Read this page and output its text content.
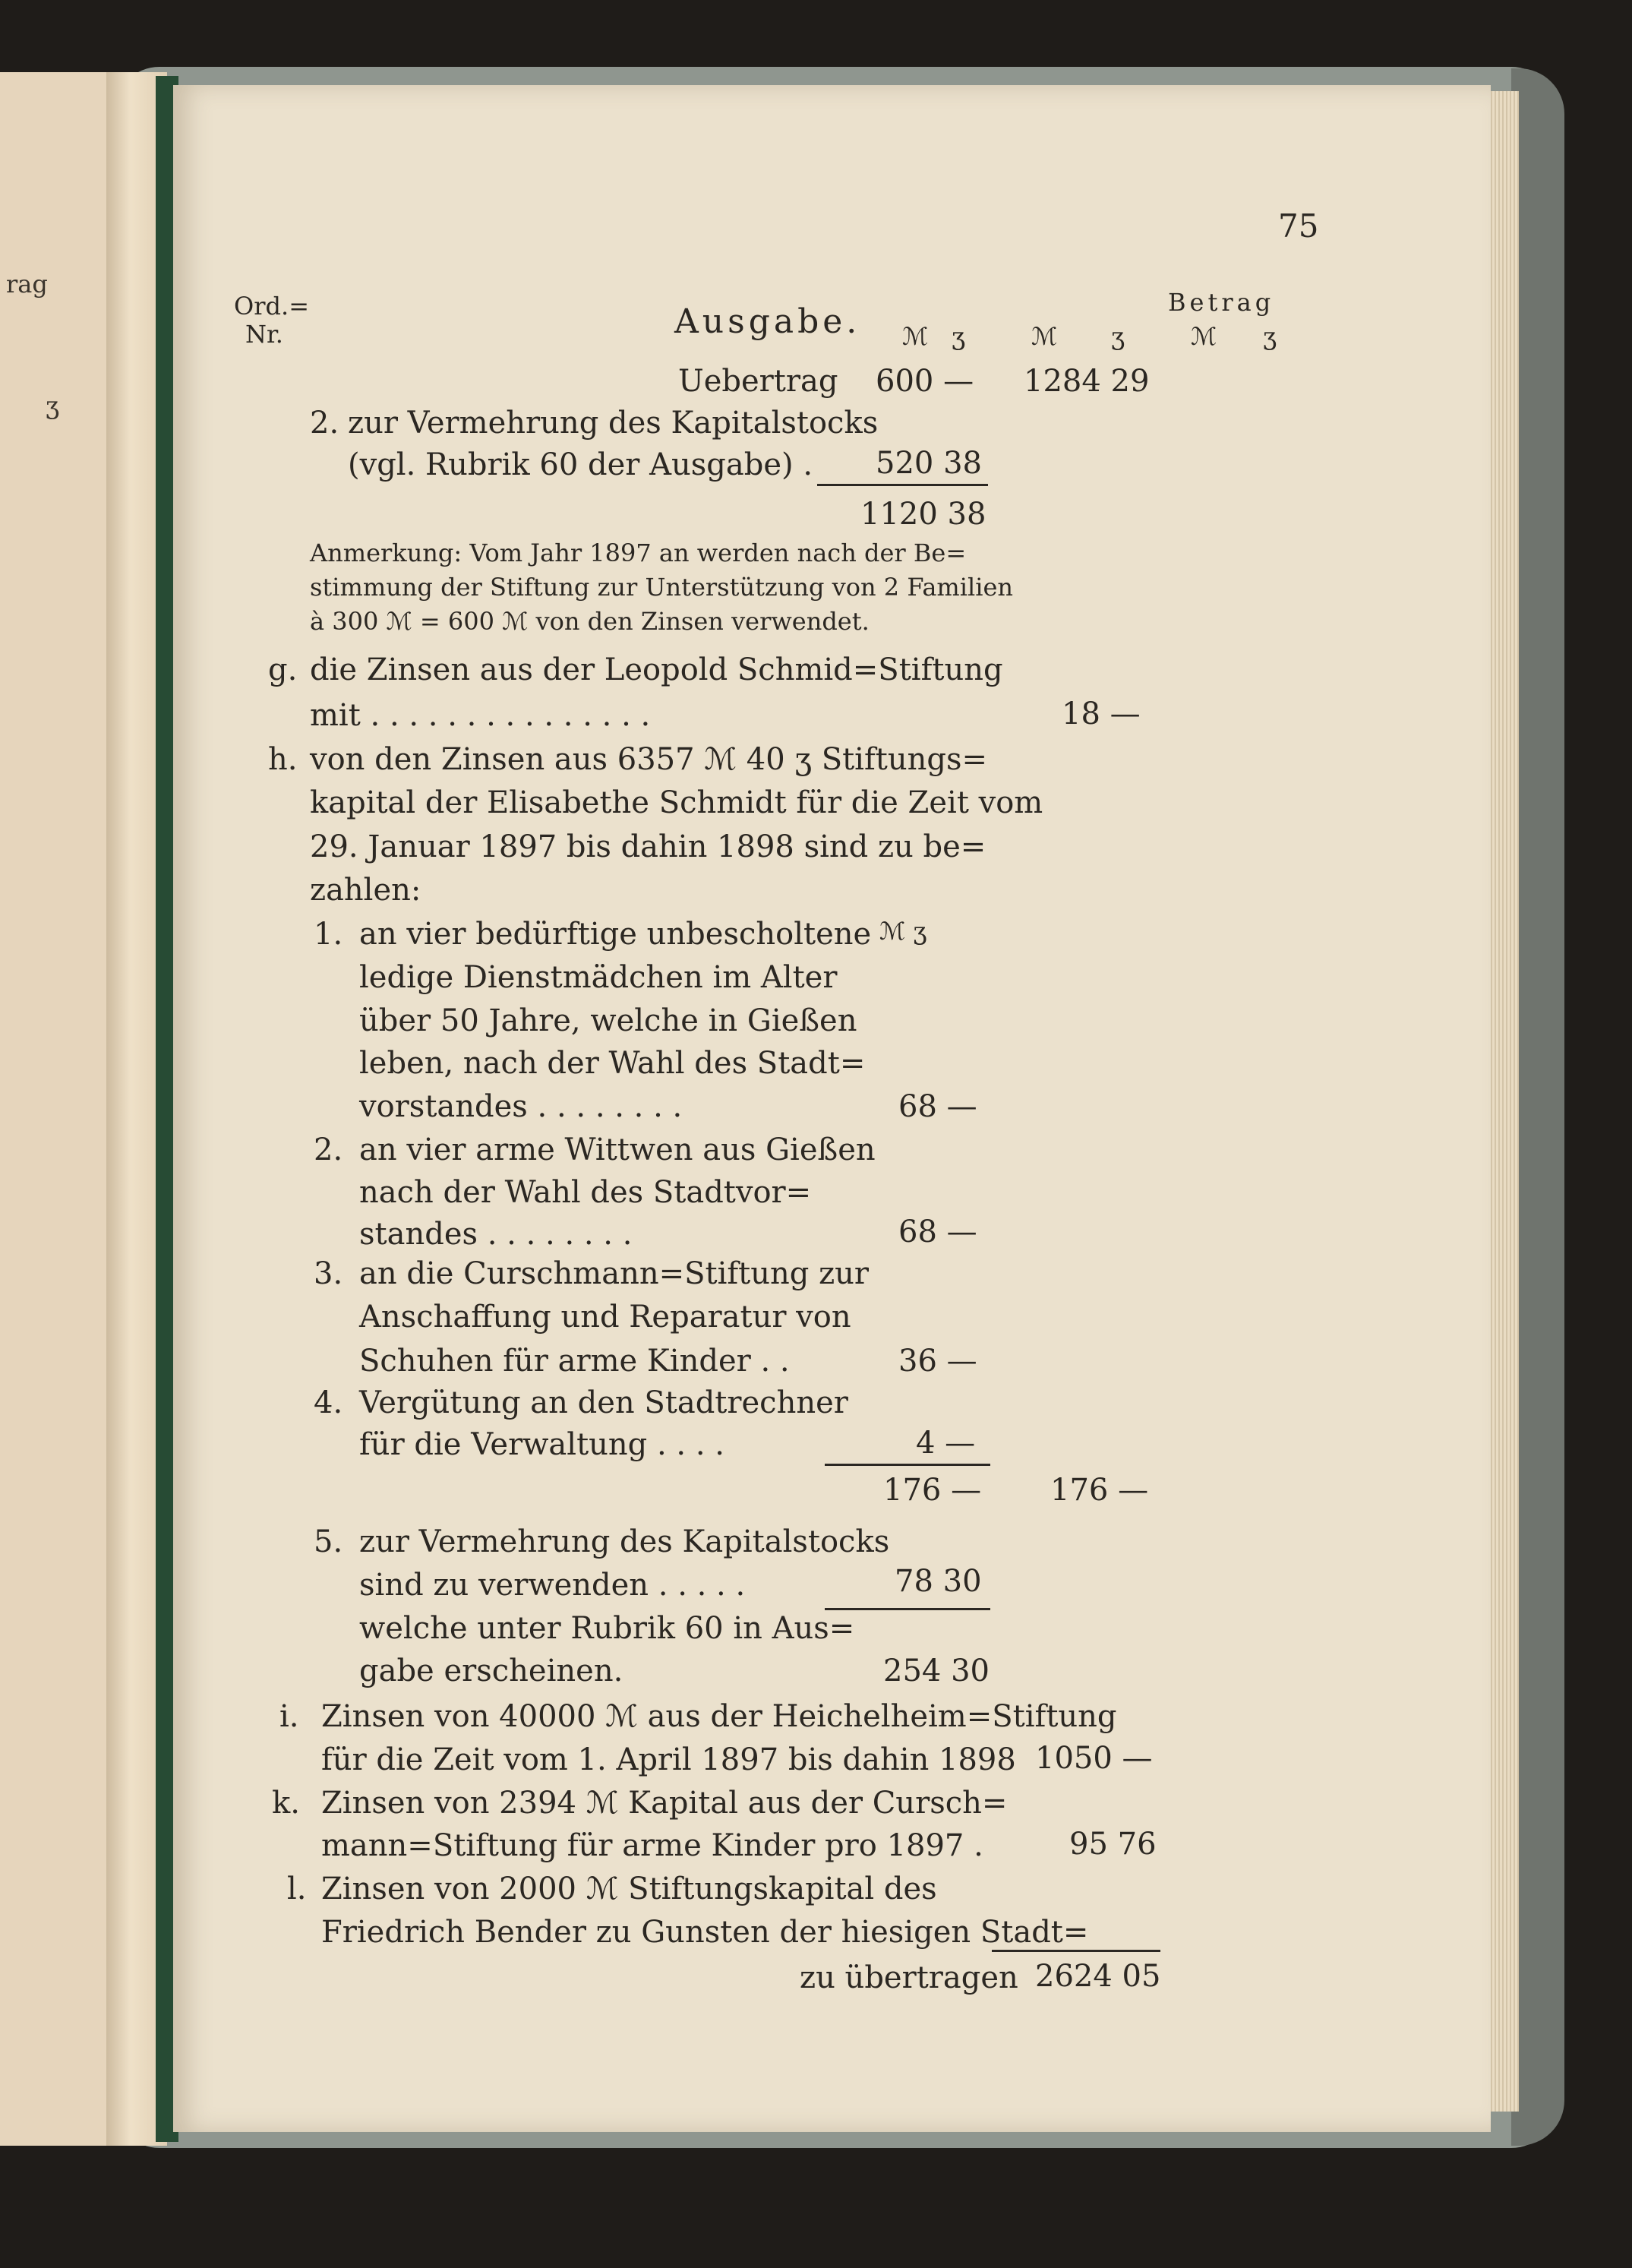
rag
ʒ
75
Ord.=
Nr.	Ausgabe.	Betrag
ℳ ʒ	ℳ ʒ	ℳ ʒ
Uebertrag 600 — 1284 29
2. zur Vermehrung des Kapitalstocks
(vgl. Rubrik 60 der Ausgabe) . 520 38
1120 38
Anmerkung: Vom Jahr 1897 an werden nach der Be=
stimmung der Stiftung zur Unterstützung von 2 Familien
à 300 ℳ = 600 ℳ von den Zinsen verwendet.
g. die Zinsen aus der Leopold Schmid=Stiftung
mit . . . . . . . . . . . . . . .	18 —
h. von den Zinsen aus 6357 ℳ 40 ʒ Stiftungs=
kapital der Elisabethe Schmidt für die Zeit vom
29. Januar 1897 bis dahin 1898 sind zu be=
zahlen:
ℳ ʒ
1. an vier bedürftige unbescholtene
ledige Dienstmädchen im Alter
über 50 Jahre, welche in Gießen
leben, nach der Wahl des Stadt=
vorstandes . . . . . . . .	68 —
2. an vier arme Wittwen aus Gießen
nach der Wahl des Stadtvor=
standes . . . . . . . .	68 —
3. an die Curschmann=Stiftung zur
Anschaffung und Reparatur von
Schuhen für arme Kinder . .	36 —
4. Vergütung an den Stadtrechner
für die Verwaltung . . . .	4 —
176 — 176 —
5. zur Vermehrung des Kapitalstocks
sind zu verwenden . . . . .	78 30
welche unter Rubrik 60 in Aus=
gabe erscheinen.	254 30
i. Zinsen von 40000 ℳ aus der Heichelheim=Stiftung
für die Zeit vom 1. April 1897 bis dahin 1898 1050 —
k. Zinsen von 2394 ℳ Kapital aus der Cursch=
mann=Stiftung für arme Kinder pro 1897 .	95 76
l. Zinsen von 2000 ℳ Stiftungskapital des
Friedrich Bender zu Gunsten der hiesigen Stadt=
zu übertragen 2624 05
